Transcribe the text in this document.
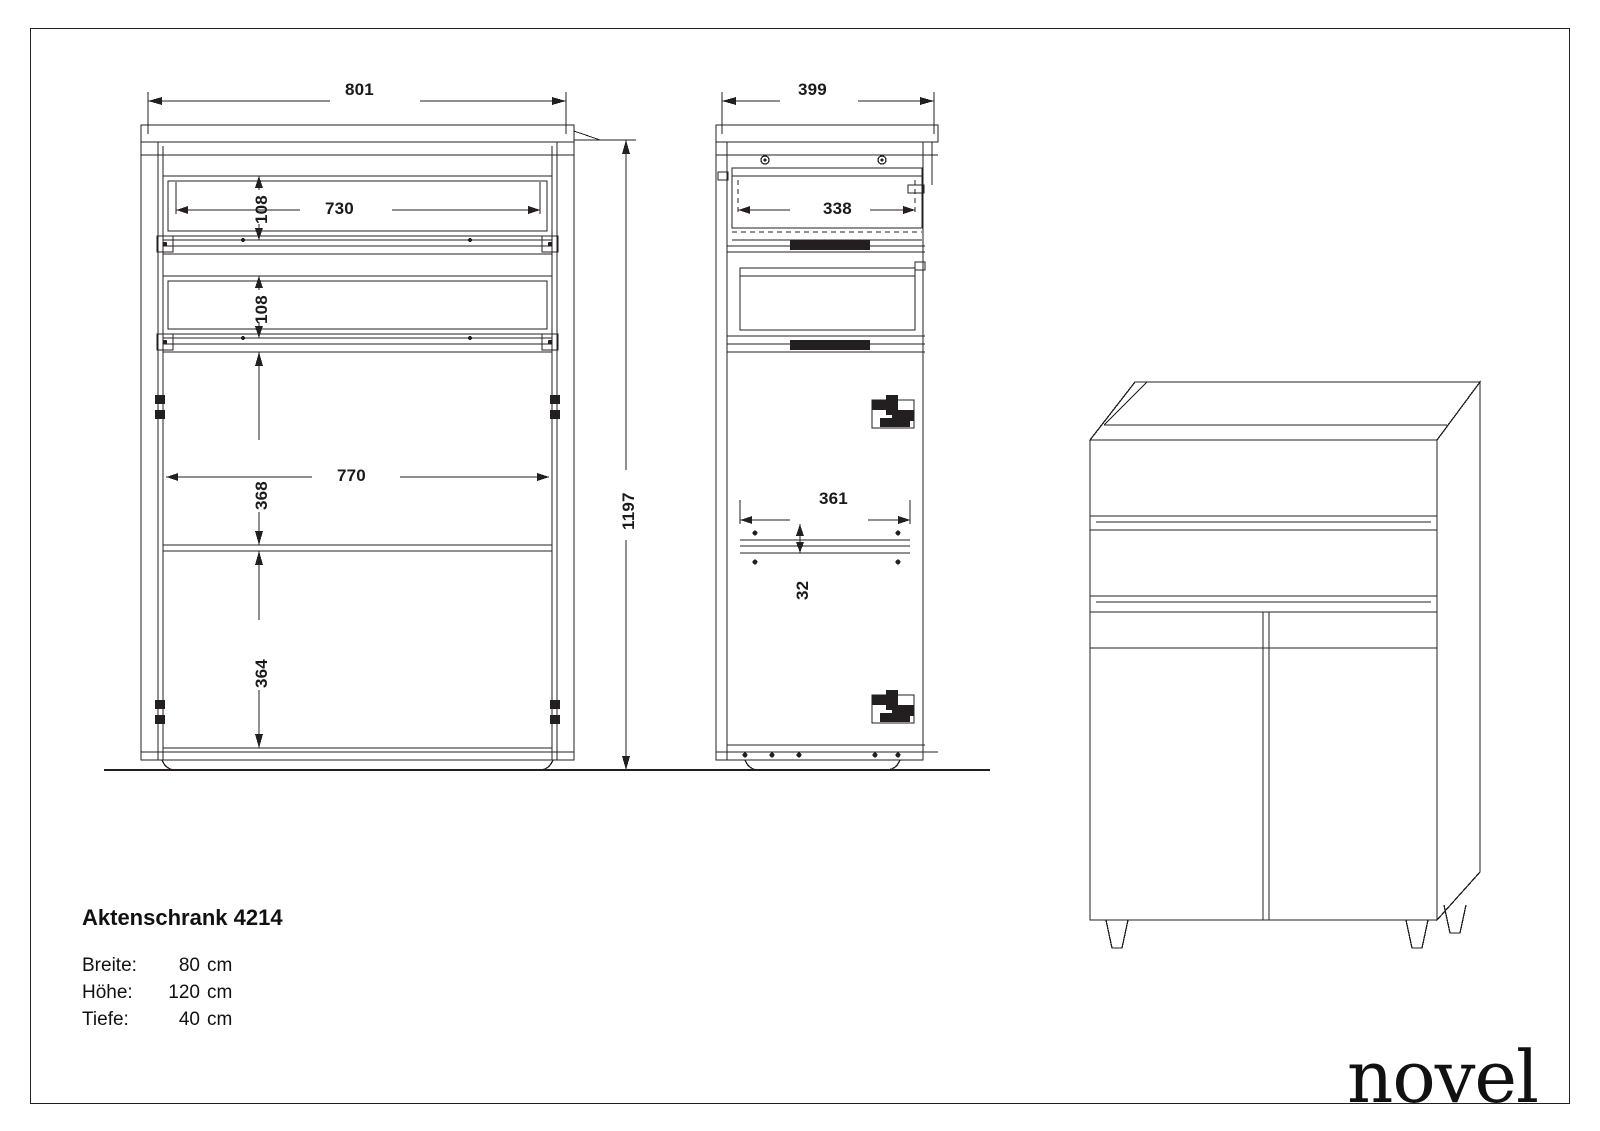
801
1197
108	730
108
368
770
364
399
338
361
32
Aktenschrank 4214
Breite:	80 cm
Höhe:	120 cm
Tiefe:	40 cm
novel
